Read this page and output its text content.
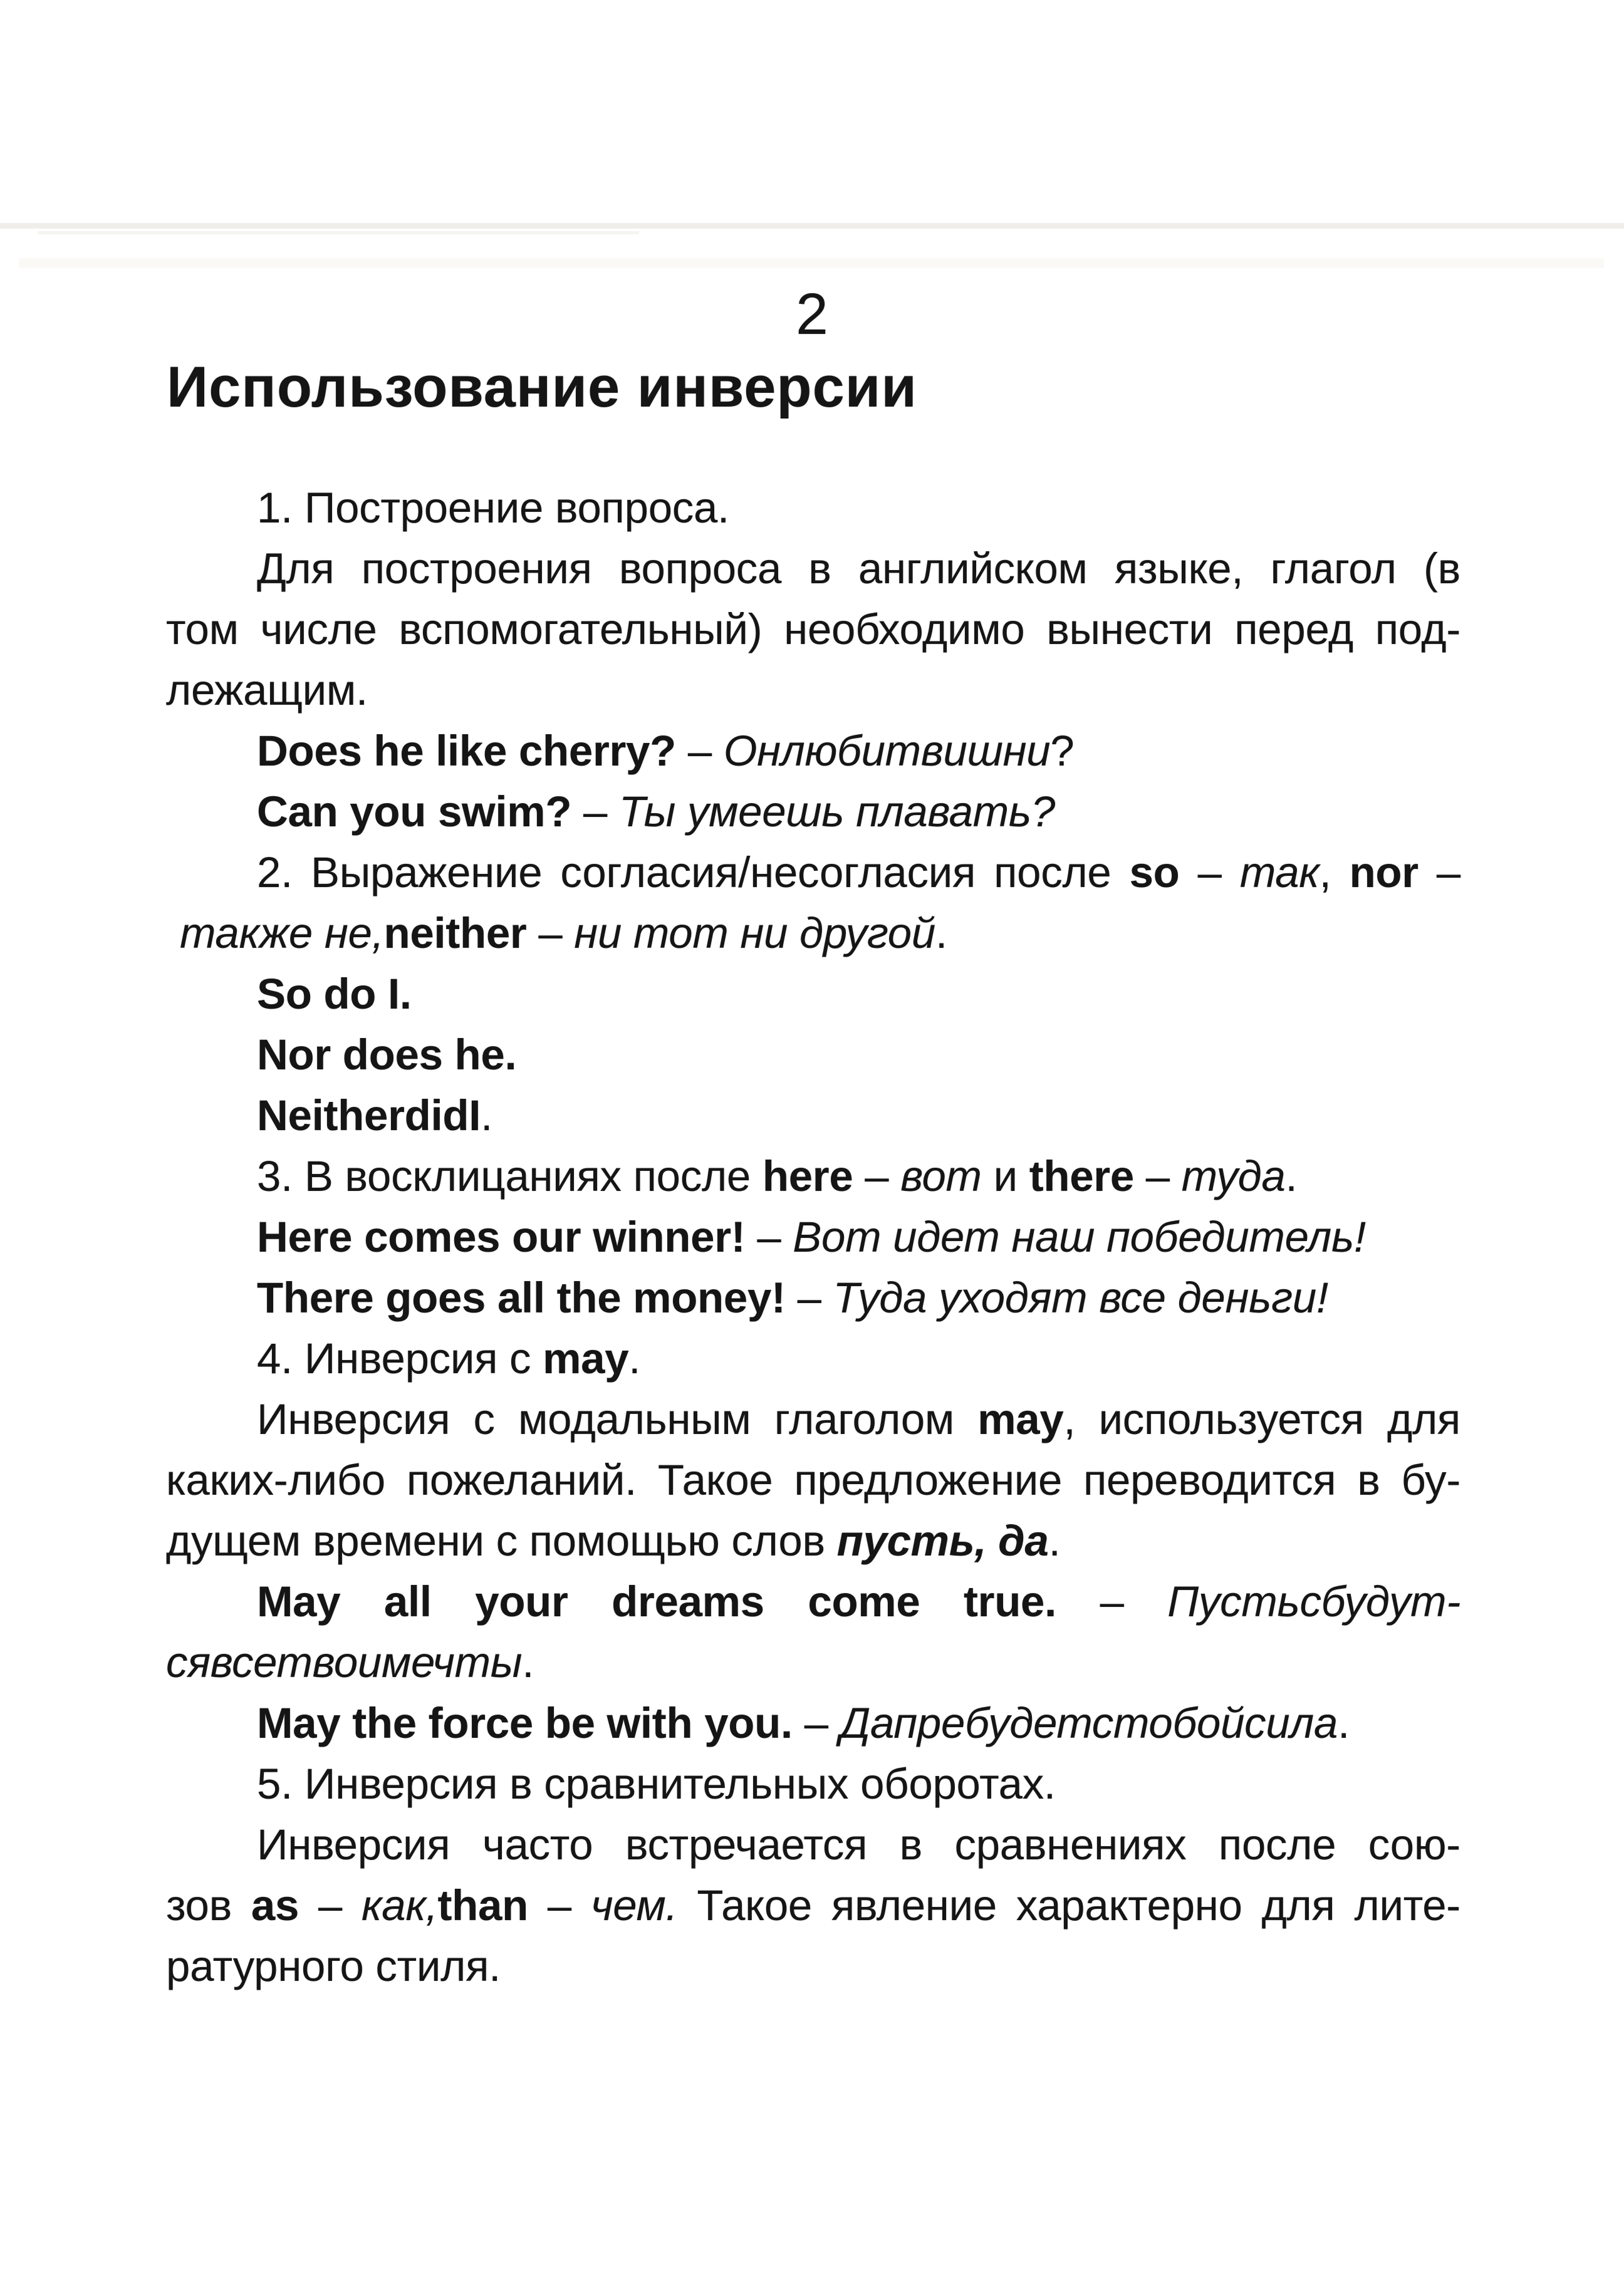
2
Использование инверсии
1. Построение вопроса.
Для построения вопроса в английском языке, глагол (в
том числе вспомогательный) необходимо вынести перед под-
лежащим.
Does he like cherry? – Онлюбитвишни?
Can you swim? – Ты умеешь плавать?
2. Выражение согласия/несогласия после so – так, nor –
также не,neither – ни тот ни другой.
So do I.
Nor does he.
NeitherdidI.
3. В восклицаниях после here – вот и there – туда.
Here comes our winner! – Вот идет наш победитель!
There goes all the money! – Туда уходят все деньги!
4. Инверсия с may.
Инверсия с модальным глаголом may, используется для
каких-либо пожеланий. Такое предложение переводится в бу-
дущем времени с помощью слов пусть, да.
May all your dreams come true. – Пустьсбудут-
сявсетвоимечты.
May the force be with you. – Дапребудетстобойсила.
5. Инверсия в сравнительных оборотах.
Инверсия часто встречается в сравнениях после сою-
зов as – как,than – чем. Такое явление характерно для лите-
ратурного стиля.
